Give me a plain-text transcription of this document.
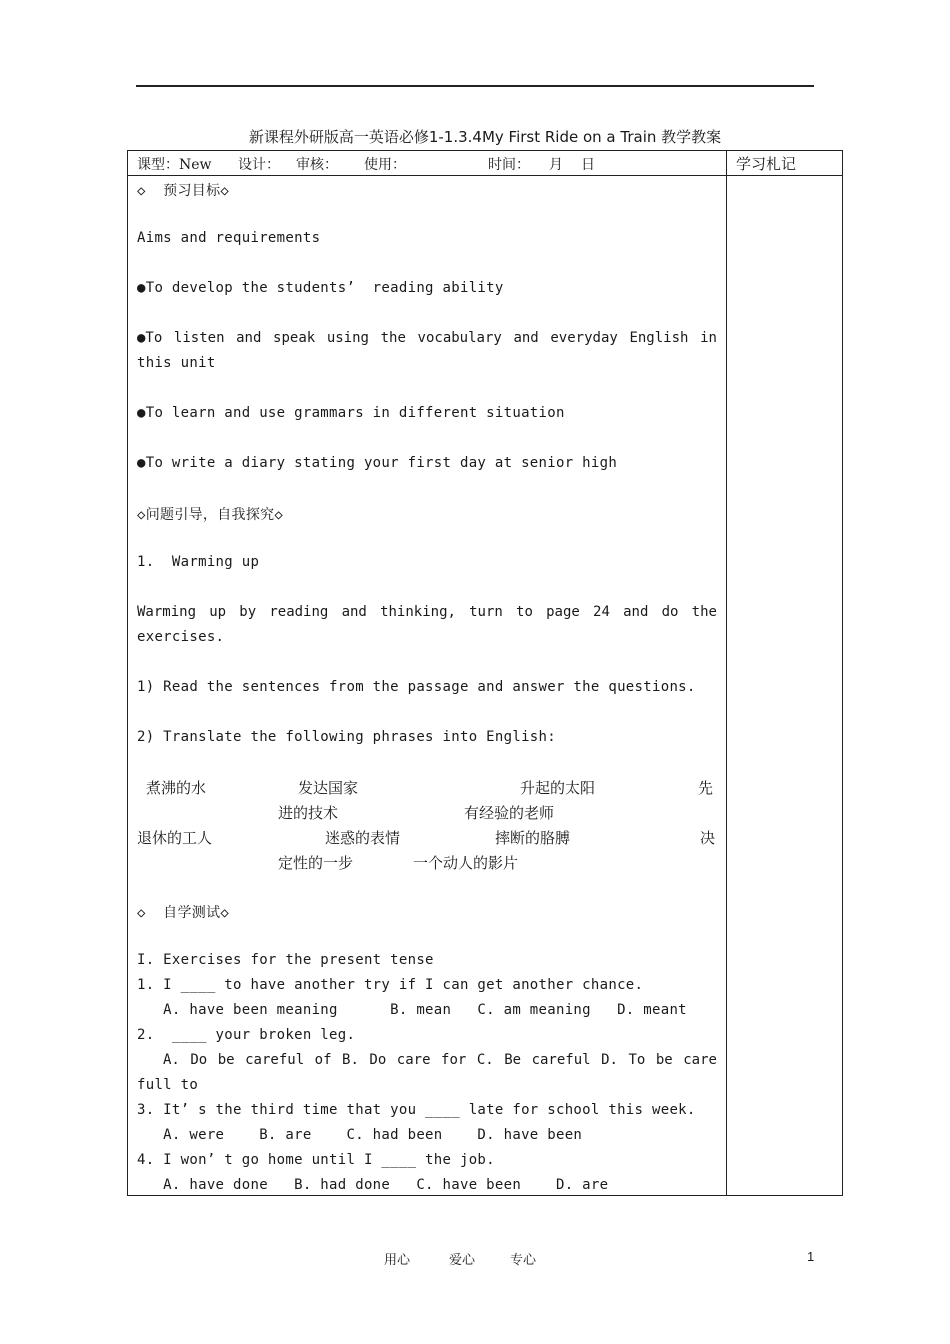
新课程外研版高一英语必修1-1.3.4My First Ride on a Train 教学教案
课型：New 设计： 审核： 使用：	时间： 月 日	学习札记
◇  预习目标◇
Aims and requirements
●To develop the students’  reading ability
●To listen and speak using the vocabulary and everyday English in
this unit
●To learn and use grammars in different situation
●To write a diary stating your first day at senior high
◇问题引导，自我探究◇
1.  Warming up
Warming up by reading and thinking, turn to page 24 and do the
exercises.
1) Read the sentences from the passage and answer the questions.
2) Translate the following phrases into English:
煮沸的水	发达国家	升起的太阳	先
进的技术	有经验的老师
退休的工人	迷惑的表情	摔断的胳膊	决
定性的一步	一个动人的影片
◇  自学测试◇
I. Exercises for the present tense
1. I ____ to have another try if I can get another chance.
A. have been meaning      B. mean   C. am meaning   D. meant
2.  ____ your broken leg.
A. Do be careful of B. Do care for C. Be careful D. To be care
full to
3. It’ s the third time that you ____ late for school this week.
A. were    B. are    C. had been    D. have been
4. I won’ t go home until I ____ the job.
A. have done   B. had done   C. have been    D. are
用心	爱心	专心	1
